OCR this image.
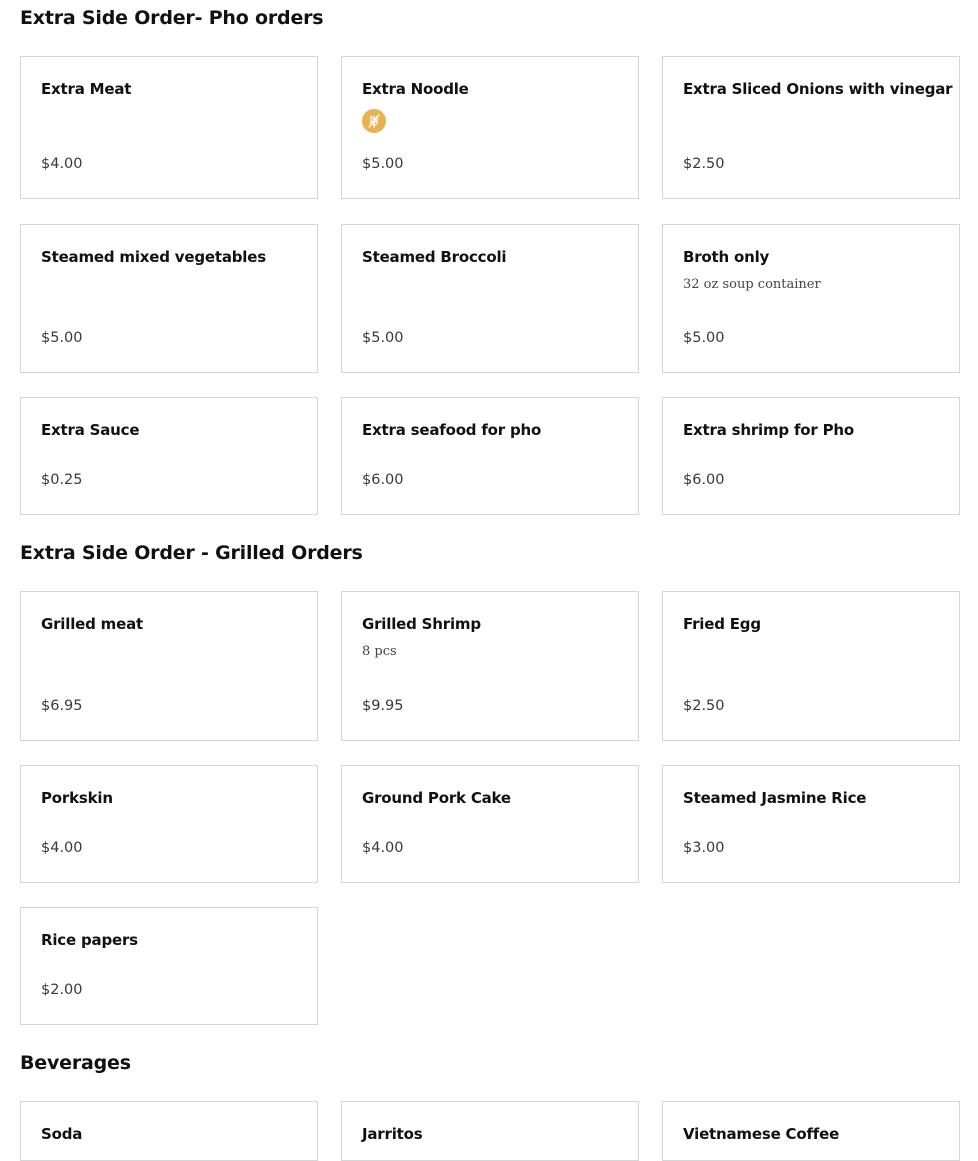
Extra Side Order- Pho orders
Extra Meat
$4.00
Extra Noodle
$5.00
Extra Sliced Onions with vinegar
$2.50
Steamed mixed vegetables
$5.00
Steamed Broccoli
$5.00
Broth only
32 oz soup container
$5.00
Extra Sauce
$0.25
Extra seafood for pho
$6.00
Extra shrimp for Pho
$6.00
Extra Side Order - Grilled Orders
Grilled meat
$6.95
Grilled Shrimp
8 pcs
$9.95
Fried Egg
$2.50
Porkskin
$4.00
Ground Pork Cake
$4.00
Steamed Jasmine Rice
$3.00
Rice papers
$2.00
Beverages
Soda	Jarritos	Vietnamese Coffee
